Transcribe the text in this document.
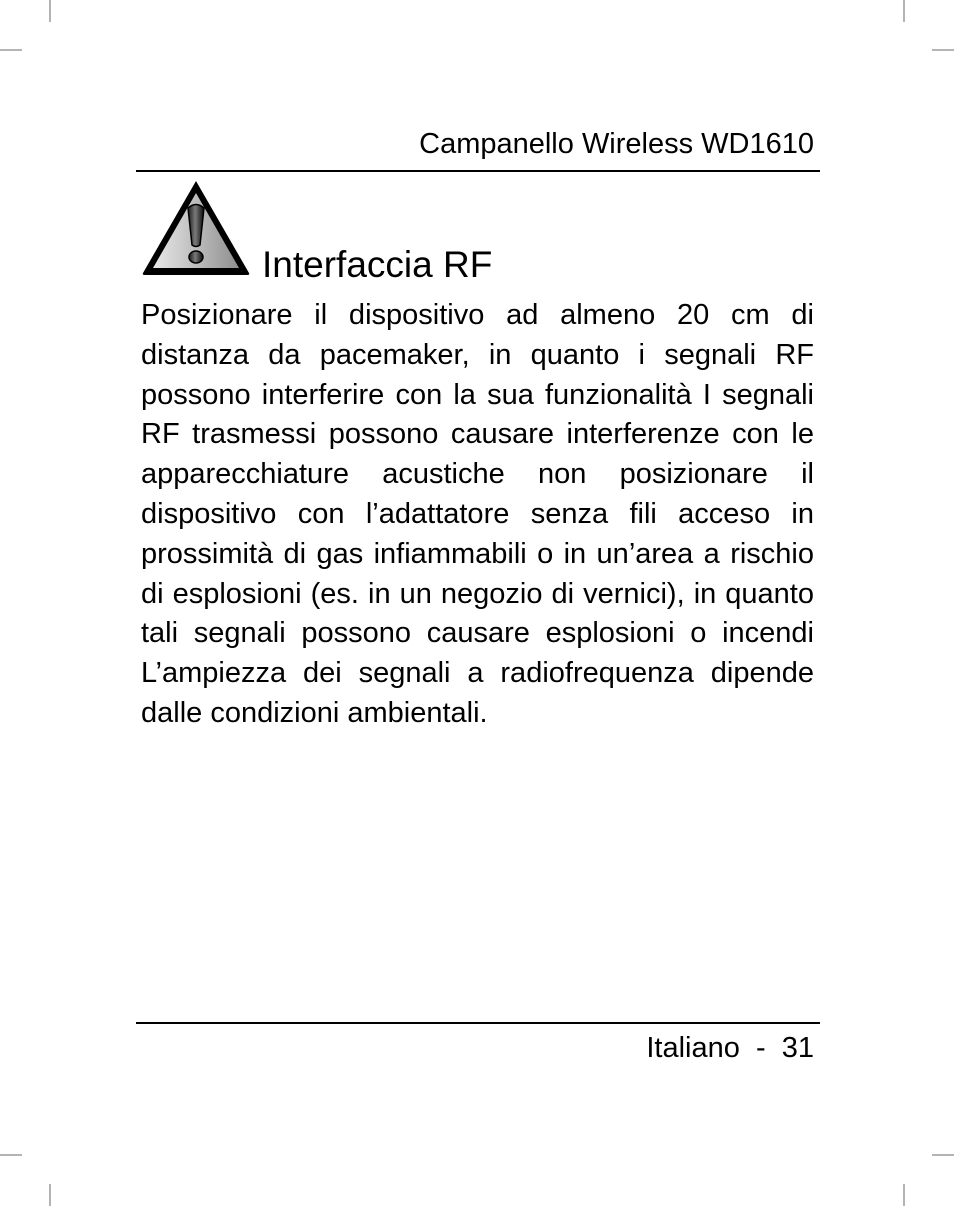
Campanello Wireless WD1610
Interfaccia RF

Posizionare il dispositivo ad almeno 20 cm di distanza da pacemaker, in quanto i segnali RF possono interferire con la sua funzionalità I segnali RF trasmessi possono causare interferenze con le apparecchiature acustiche non posizionare il dispositivo con l’adattatore senza fili acceso in prossimità di gas infiammabili o in un’area a rischio di esplosioni (es. in un negozio di vernici), in quanto tali segnali possono causare esplosioni o incendi L’ampiezza dei segnali a radiofrequenza dipende dalle condizioni ambientali.

Italiano  -  31
